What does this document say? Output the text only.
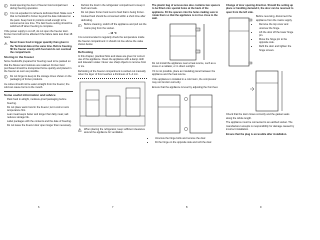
Avoid opening the door of freezer food compartment during freezing operation.

It is not expedient to refreeze defrosted food. Make sure that no foodstuff is frozen beyond the date indicated on the pack. Keep food in portions small enough to be consumed at one time. The fast freeze setting should be switched off when freezing is complete.

If the power supply is cut off, do not open the freezer door. Frozen food will not be affected if the failure lasts less than 18 hours.

Never freeze food in bigger quantity than given in the Technical data at the same time. Before freezing, fill the freezer evenly with food and do not overload the compartment.

Storing in the freezer

Some foodstuffs prepared for freezing need to be packed so that the flavour and moisture are retained. Frozen food purchased should be transported home quickly and placed in the freezer as soon as possible.

Do not forget to keep to the storage times shown on the packaging of frozen products.

Ice cubes should not be eaten straight from the freezer; the cold can cause burns to the mouth.

Some useful information and advice
• Pack food in airtight, moisture-proof packaging before freezing.
• Do not place warm food in the freezer; let it cool to room temperature first.
• Lean meat keeps better and longer than fatty meat; salt reduces storage life.
• Label packages with the contents and the date of freezing.
• Do not leave the freezer door open longer than necessary.
6
• Defrost the food in the refrigerator compartment to keep it fresh and safe.
• Do not place frozen food next to food that is being frozen.
• Cooked food should be consumed within a short time after defrosting.

Before cleaning, switch off the appliance and pull out the mains plug from the socket.

– 18 °C

It is recommended to regularly check the temperature inside the freezer compartment: it should not rise above the value shown below.

Defrosting

In this chapter, practical hints and ideas are given for correct use of the appliance. Clean the appliance with a damp cloth and lukewarm water. Never use sharp objects to remove frost or ice.

Defrosting of the freezer compartment is carried out manually when the layer of frost reaches a thickness of 3–4 mm.

When placing the refrigerator, keep sufficient clearance around the appliance for ventilation.

7

The plastic bag of accessories also contains two spacers to be fitted onto special holes at the back of the appliance. Fit the spacers into the holes making sure to rotate them so that the appliance is not too close to the wall.

Do not install the appliance near a heat source, such as a stove or a radiator, or in direct sunlight.

If it is not possible, place an insulating panel between the appliance and the heat source.

If the appliance is installed in a cold room, the compressor may not function correctly.

Ensure that the appliance is level by adjusting the front feet.

• Unscrew the hinge bolts and remove the door.
• Fit the hinge on the opposite side and refit the door.
8

Change of door opening direction. Should the setting up place or handling demand it, the door can be reversed to open from the left side.

Before reversing, disconnect the appliance from the mains supply.

• Remove the top cover and unscrew the hinge.
• Lift the door off the lower hinge pin.
• Move the hinge pin to the opposite side.
• Refit the door and tighten the hinge screws.

Check that the door closes correctly and the gasket seals along the whole length.

The appliance must be connected to an earthed socket. The manufacturer accepts no responsibility for damage caused by incorrect installation.

Ensure that the plug is accessible after installation.

9
